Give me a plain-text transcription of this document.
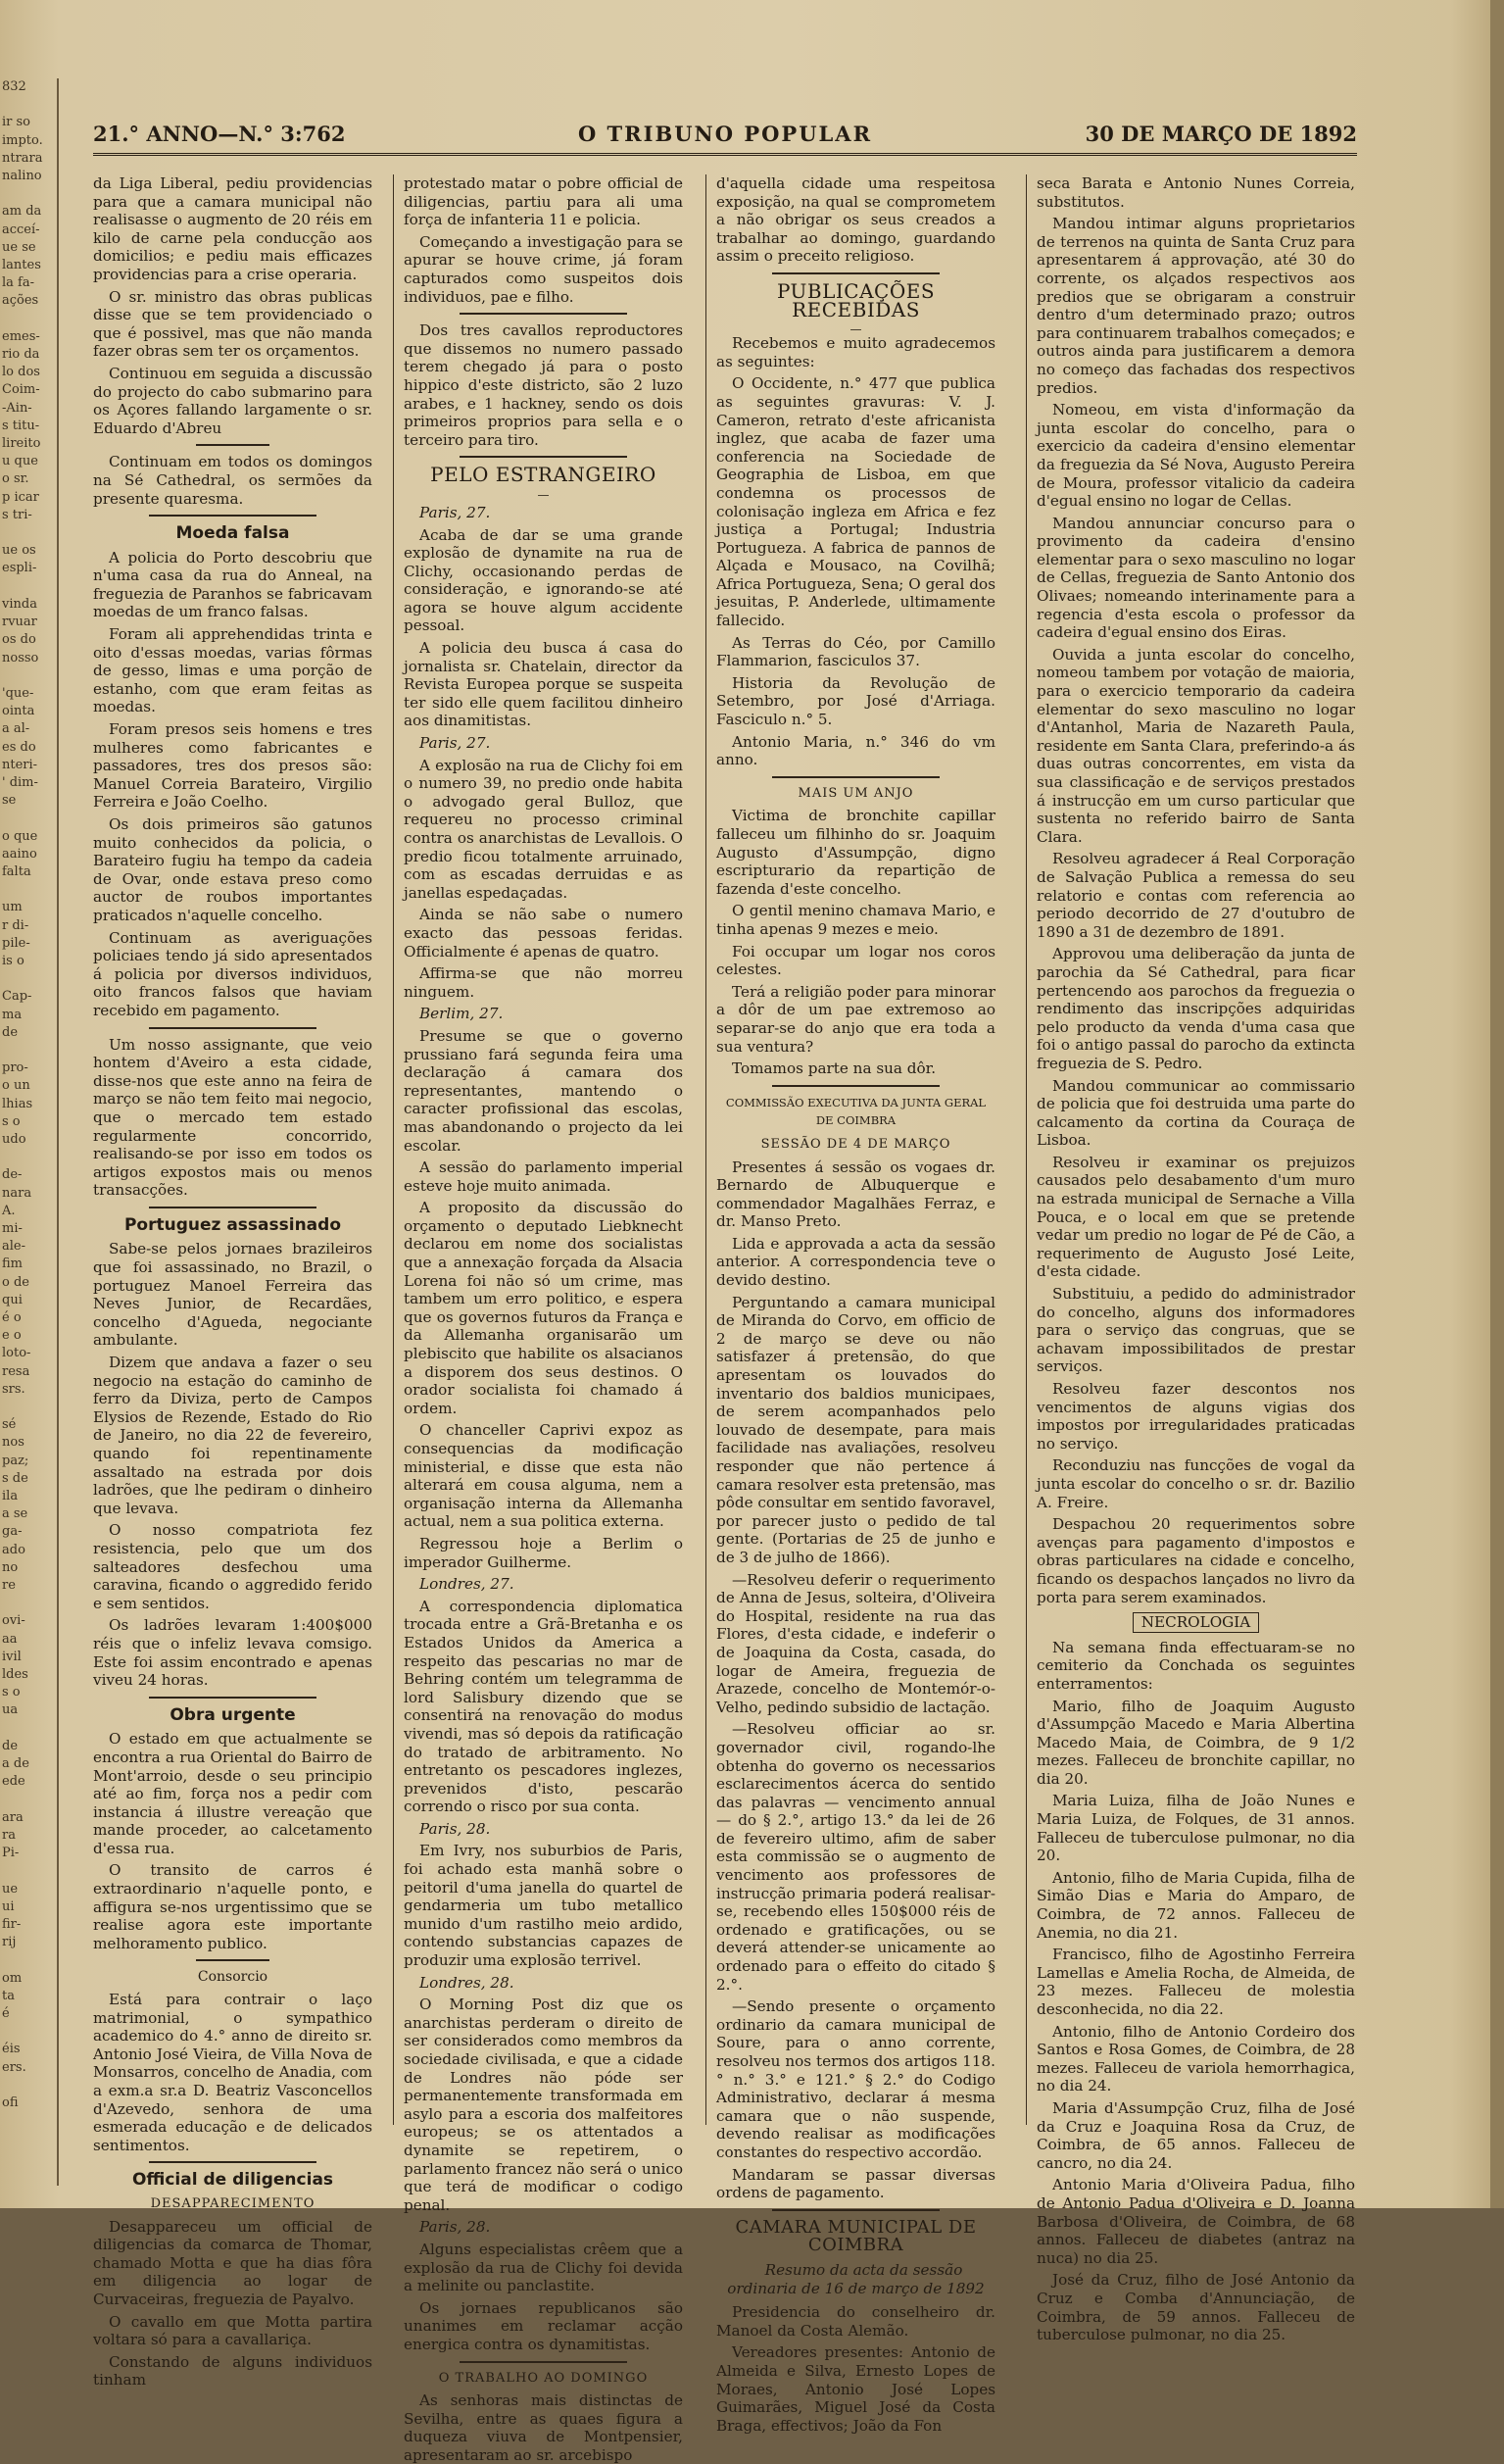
832

ir so
impto.
ntrara
nalino

am da
acceí-
ue se
lantes
la fa-
ações

emes-
rio da
lo dos
Coim-
-Ain-
s titu-
lireito
u que
o sr.
p icar
s tri-

ue os
espli-

vinda
rvuar
os do
nosso

'que-
ointa
a al-
es do
nteri-
' dim-
se

o que
aaino
falta

um
r di-
pile-
is o

Cap-
ma
de

pro-
o un
lhias
s o
udo

de-
nara
A.
mi-
ale-
fim
o de
qui
é o
e o
loto-
resa
srs.

sé
nos
paz;
s de
ila
a se
ga-
ado
no
re

ovi-
aa
ivil
ldes
s o
ua

de
a de
ede

ara
ra
Pi-

ue
ui
fir-
rij

om
ta
é

éis
ers.

ofi
O TRIBUNO POPULAR
21.° ANNO—N.° 3:762	30 DE MARÇO DE 1892

da Liga Liberal, pediu providencias para que a camara municipal não realisasse o augmento de 20 réis em kilo de carne pela conducção aos domicilios; e pediu mais efficazes providencias para a crise operaria.

O sr. ministro das obras publicas disse que se tem providenciado o que é possivel, mas que não manda fazer obras sem ter os orçamentos.

Continuou em seguida a discussão do projecto do cabo submarino para os Açores fallando largamente o sr. Eduardo d'Abreu

Continuam em todos os domingos na Sé Cathedral, os sermões da presente quaresma.

Moeda falsa

A policia do Porto descobriu que n'uma casa da rua do Anneal, na freguezia de Paranhos se fabricavam moedas de um franco falsas.

Foram ali apprehendidas trinta e oito d'essas moedas, varias fôrmas de gesso, limas e uma porção de estanho, com que eram feitas as moedas.

Foram presos seis homens e tres mulheres como fabricantes e passadores, tres dos presos são: Manuel Correia Barateiro, Virgilio Ferreira e João Coelho.

Os dois primeiros são gatunos muito conhecidos da policia, o Barateiro fugiu ha tempo da cadeia de Ovar, onde estava preso como auctor de roubos importantes praticados n'aquelle concelho.

Continuam as averiguações policiaes tendo já sido apresentados á policia por diversos individuos, oito francos falsos que haviam recebido em pagamento.

Um nosso assignante, que veio hontem d'Aveiro a esta cidade, disse-nos que este anno na feira de março se não tem feito mai negocio, que o mercado tem estado regularmente concorrido, realisando-se por isso em todos os artigos expostos mais ou menos transacções.

Portuguez assassinado

Sabe-se pelos jornaes brazileiros que foi assassinado, no Brazil, o portuguez Manoel Ferreira das Neves Junior, de Recardães, concelho d'Agueda, negociante ambulante.

Dizem que andava a fazer o seu negocio na estação do caminho de ferro da Diviza, perto de Campos Elysios de Rezende, Estado do Rio de Janeiro, no dia 22 de fevereiro, quando foi repentinamente assaltado na estrada por dois ladrões, que lhe pediram o dinheiro que levava.

O nosso compatriota fez resistencia, pelo que um dos salteadores desfechou uma caravina, ficando o aggredido ferido e sem sentidos.

Os ladrões levaram 1:400$000 réis que o infeliz levava comsigo. Este foi assim encontrado e apenas viveu 24 horas.

Obra urgente

O estado em que actualmente se encontra a rua Oriental do Bairro de Mont'arroio, desde o seu principio até ao fim, força nos a pedir com instancia á illustre vereação que mande proceder, ao calcetamento d'essa rua.

O transito de carros é extraordinario n'aquelle ponto, e affigura se-nos urgentissimo que se realise agora este importante melhoramento publico.

Consorcio

Está para contrair o laço matrimonial, o sympathico academico do 4.° anno de direito sr. Antonio José Vieira, de Villa Nova de Monsarros, concelho de Anadia, com a exm.a sr.a D. Beatriz Vasconcellos d'Azevedo, senhora de uma esmerada educação e de delicados sentimentos.

Official de diligencias
DESAPPARECIMENTO

Desappareceu um official de diligencias da comarca de Thomar, chamado Motta e que ha dias fôra em diligencia ao logar de Curvaceiras, freguezia de Payalvo.

O cavallo em que Motta partira voltara só para a cavallariça.

Constando de alguns individuos tinham

protestado matar o pobre official de diligencias, partiu para ali uma força de infanteria 11 e policia.

Começando a investigação para se apurar se houve crime, já foram capturados como suspeitos dois individuos, pae e filho.

Dos tres cavallos reproductores que dissemos no numero passado terem chegado já para o posto hippico d'este districto, são 2 luzo arabes, e 1 hackney, sendo os dois primeiros proprios para sella e o terceiro para tiro.

PELO ESTRANGEIRO
—

Paris, 27.

Acaba de dar se uma grande explosão de dynamite na rua de Clichy, occasionando perdas de consideração, e ignorando-se até agora se houve algum accidente pessoal.

A policia deu busca á casa do jornalista sr. Chatelain, director da Revista Europea porque se suspeita ter sido elle quem facilitou dinheiro aos dinamitistas.

Paris, 27.

A explosão na rua de Clichy foi em o numero 39, no predio onde habita o advogado geral Bulloz, que requereu no processo criminal contra os anarchistas de Levallois. O predio ficou totalmente arruinado, com as escadas derruidas e as janellas espedaçadas.

Ainda se não sabe o numero exacto das pessoas feridas. Officialmente é apenas de quatro.

Affirma-se que não morreu ninguem.

Berlim, 27.

Presume se que o governo prussiano fará segunda feira uma declaração á camara dos representantes, mantendo o caracter profissional das escolas, mas abandonando o projecto da lei escolar.

A sessão do parlamento imperial esteve hoje muito animada.

A proposito da discussão do orçamento o deputado Liebknecht declarou em nome dos socialistas que a annexação forçada da Alsacia Lorena foi não só um crime, mas tambem um erro politico, e espera que os governos futuros da França e da Allemanha organisarão um plebiscito que habilite os alsacianos a disporem dos seus destinos. O orador socialista foi chamado á ordem.

O chanceller Caprivi expoz as consequencias da modificação ministerial, e disse que esta não alterará em cousa alguma, nem a organisação interna da Allemanha actual, nem a sua politica externa.

Regressou hoje a Berlim o imperador Guilherme.

Londres, 27.

A correspondencia diplomatica trocada entre a Grã-Bretanha e os Estados Unidos da America a respeito das pescarias no mar de Behring contém um telegramma de lord Salisbury dizendo que se consentirá na renovação do modus vivendi, mas só depois da ratificação do tratado de arbitramento. No entretanto os pescadores inglezes, prevenidos d'isto, pescarão correndo o risco por sua conta.

Paris, 28.

Em Ivry, nos suburbios de Paris, foi achado esta manhã sobre o peitoril d'uma janella do quartel de gendarmeria um tubo metallico munido d'um rastilho meio ardido, contendo substancias capazes de produzir uma explosão terrivel.

Londres, 28.

O Morning Post diz que os anarchistas perderam o direito de ser considerados como membros da sociedade civilisada, e que a cidade de Londres não póde ser permanentemente transformada em asylo para a escoria dos malfeitores europeus; se os attentados a dynamite se repetirem, o parlamento francez não será o unico que terá de modificar o codigo penal.

Paris, 28.

Alguns especialistas crêem que a explosão da rua de Clichy foi devida a melinite ou panclastite.

Os jornaes republicanos são unanimes em reclamar acção energica contra os dynamitistas.

O TRABALHO AO DOMINGO

As senhoras mais distinctas de Sevilha, entre as quaes figura a duqueza viuva de Montpensier, apresentaram ao sr. arcebispo

d'aquella cidade uma respeitosa exposição, na qual se comprometem a não obrigar os seus creados a trabalhar ao domingo, guardando assim o preceito religioso.

PUBLICAÇÕES RECEBIDAS
—

Recebemos e muito agradecemos as seguintes:

O Occidente, n.° 477 que publica as seguintes gravuras: V. J. Cameron, retrato d'este africanista inglez, que acaba de fazer uma conferencia na Sociedade de Geographia de Lisboa, em que condemna os processos de colonisação ingleza em Africa e fez justiça a Portugal; Industria Portugueza. A fabrica de pannos de Alçada e Mousaco, na Covilhã; Africa Portugueza, Sena; O geral dos jesuitas, P. Anderlede, ultimamente fallecido.

As Terras do Céo, por Camillo Flammarion, fasciculos 37.

Historia da Revolução de Setembro, por José d'Arriaga. Fasciculo n.° 5.

Antonio Maria, n.° 346 do vm anno.

MAIS UM ANJO

Victima de bronchite capillar falleceu um filhinho do sr. Joaquim Augusto d'Assumpção, digno escripturario da repartição de fazenda d'este concelho.

O gentil menino chamava Mario, e tinha apenas 9 mezes e meio.

Foi occupar um logar nos coros celestes.

Terá a religião poder para minorar a dôr de um pae extremoso ao separar-se do anjo que era toda a sua ventura?

Tomamos parte na sua dôr.

COMMISSÃO EXECUTIVA DA JUNTA GERAL DE COIMBRA
SESSÃO DE 4 DE MARÇO

Presentes á sessão os vogaes dr. Bernardo de Albuquerque e commendador Magalhães Ferraz, e dr. Manso Preto.

Lida e approvada a acta da sessão anterior. A correspondencia teve o devido destino.

Perguntando a camara municipal de Miranda do Corvo, em officio de 2 de março se deve ou não satisfazer á pretensão, do que apresentam os louvados do inventario dos baldios municipaes, de serem acompanhados pelo louvado de desempate, para mais facilidade nas avaliações, resolveu responder que não pertence á camara resolver esta pretensão, mas pôde consultar em sentido favoravel, por parecer justo o pedido de tal gente. (Portarias de 25 de junho e de 3 de julho de 1866).

—Resolveu deferir o requerimento de Anna de Jesus, solteira, d'Oliveira do Hospital, residente na rua das Flores, d'esta cidade, e indeferir o de Joaquina da Costa, casada, do logar de Ameira, freguezia de Arazede, concelho de Montemór-o-Velho, pedindo subsidio de lactação.

—Resolveu officiar ao sr. governador civil, rogando-lhe obtenha do governo os necessarios esclarecimentos ácerca do sentido das palavras — vencimento annual — do § 2.°, artigo 13.° da lei de 26 de fevereiro ultimo, afim de saber esta commissão se o augmento de vencimento aos professores de instrucção primaria poderá realisar-se, recebendo elles 150$000 réis de ordenado e gratificações, ou se deverá attender-se unicamente ao ordenado para o effeito do citado § 2.°.

—Sendo presente o orçamento ordinario da camara municipal de Soure, para o anno corrente, resolveu nos termos dos artigos 118.° n.° 3.° e 121.° § 2.° do Codigo Administrativo, declarar á mesma camara que o não suspende, devendo realisar as modificações constantes do respectivo accordão.

Mandaram se passar diversas ordens de pagamento.

CAMARA MUNICIPAL DE COIMBRA

Resumo da acta da sessão ordinaria de 16 de março de 1892

Presidencia do conselheiro dr. Manoel da Costa Alemão.

Vereadores presentes: Antonio de Almeida e Silva, Ernesto Lopes de Moraes, Antonio José Lopes Guimarães, Miguel José da Costa Braga, effectivos; João da Fon

seca Barata e Antonio Nunes Correia, substitutos.

Mandou intimar alguns proprietarios de terrenos na quinta de Santa Cruz para apresentarem á approvação, até 30 do corrente, os alçados respectivos aos predios que se obrigaram a construir dentro d'um determinado prazo; outros para continuarem trabalhos começados; e outros ainda para justificarem a demora no começo das fachadas dos respectivos predios.

Nomeou, em vista d'informação da junta escolar do concelho, para o exercicio da cadeira d'ensino elementar da freguezia da Sé Nova, Augusto Pereira de Moura, professor vitalicio da cadeira d'egual ensino no logar de Cellas.

Mandou annunciar concurso para o provimento da cadeira d'ensino elementar para o sexo masculino no logar de Cellas, freguezia de Santo Antonio dos Olivaes; nomeando interinamente para a regencia d'esta escola o professor da cadeira d'egual ensino dos Eiras.

Ouvida a junta escolar do concelho, nomeou tambem por votação de maioria, para o exercicio temporario da cadeira elementar do sexo masculino no logar d'Antanhol, Maria de Nazareth Paula, residente em Santa Clara, preferindo-a ás duas outras concorrentes, em vista da sua classificação e de serviços prestados á instrucção em um curso particular que sustenta no referido bairro de Santa Clara.

Resolveu agradecer á Real Corporação de Salvação Publica a remessa do seu relatorio e contas com referencia ao periodo decorrido de 27 d'outubro de 1890 a 31 de dezembro de 1891.

Approvou uma deliberação da junta de parochia da Sé Cathedral, para ficar pertencendo aos parochos da freguezia o rendimento das inscripções adquiridas pelo producto da venda d'uma casa que foi o antigo passal do parocho da extincta freguezia de S. Pedro.

Mandou communicar ao commissario de policia que foi destruida uma parte do calcamento da cortina da Couraça de Lisboa.

Resolveu ir examinar os prejuizos causados pelo desabamento d'um muro na estrada municipal de Sernache a Villa Pouca, e o local em que se pretende vedar um predio no logar de Pé de Cão, a requerimento de Augusto José Leite, d'esta cidade.

Substituiu, a pedido do administrador do concelho, alguns dos informadores para o serviço das congruas, que se achavam impossibilitados de prestar serviços.

Resolveu fazer descontos nos vencimentos de alguns vigias dos impostos por irregularidades praticadas no serviço.

Reconduziu nas funcções de vogal da junta escolar do concelho o sr. dr. Bazilio A. Freire.

Despachou 20 requerimentos sobre avenças para pagamento d'impostos e obras particulares na cidade e concelho, ficando os despachos lançados no livro da porta para serem examinados.

NECROLOGIA

Na semana finda effectuaram-se no cemiterio da Conchada os seguintes enterramentos:

Mario, filho de Joaquim Augusto d'Assumpção Macedo e Maria Albertina Macedo Maia, de Coimbra, de 9 1/2 mezes. Falleceu de bronchite capillar, no dia 20.

Maria Luiza, filha de João Nunes e Maria Luiza, de Folques, de 31 annos. Falleceu de tuberculose pulmonar, no dia 20.

Antonio, filho de Maria Cupida, filha de Simão Dias e Maria do Amparo, de Coimbra, de 72 annos. Falleceu de Anemia, no dia 21.

Francisco, filho de Agostinho Ferreira Lamellas e Amelia Rocha, de Almeida, de 23 mezes. Falleceu de molestia desconhecida, no dia 22.

Antonio, filho de Antonio Cordeiro dos Santos e Rosa Gomes, de Coimbra, de 28 mezes. Falleceu de variola hemorrhagica, no dia 24.

Maria d'Assumpção Cruz, filha de José da Cruz e Joaquina Rosa da Cruz, de Coimbra, de 65 annos. Falleceu de cancro, no dia 24.

Antonio Maria d'Oliveira Padua, filho de Antonio Padua d'Oliveira e D. Joanna Barbosa d'Oliveira, de Coimbra, de 68 annos. Falleceu de diabetes (antraz na nuca) no dia 25.

José da Cruz, filho de José Antonio da Cruz e Comba d'Annunciação, de Coimbra, de 59 annos. Falleceu de tuberculose pulmonar, no dia 25.
